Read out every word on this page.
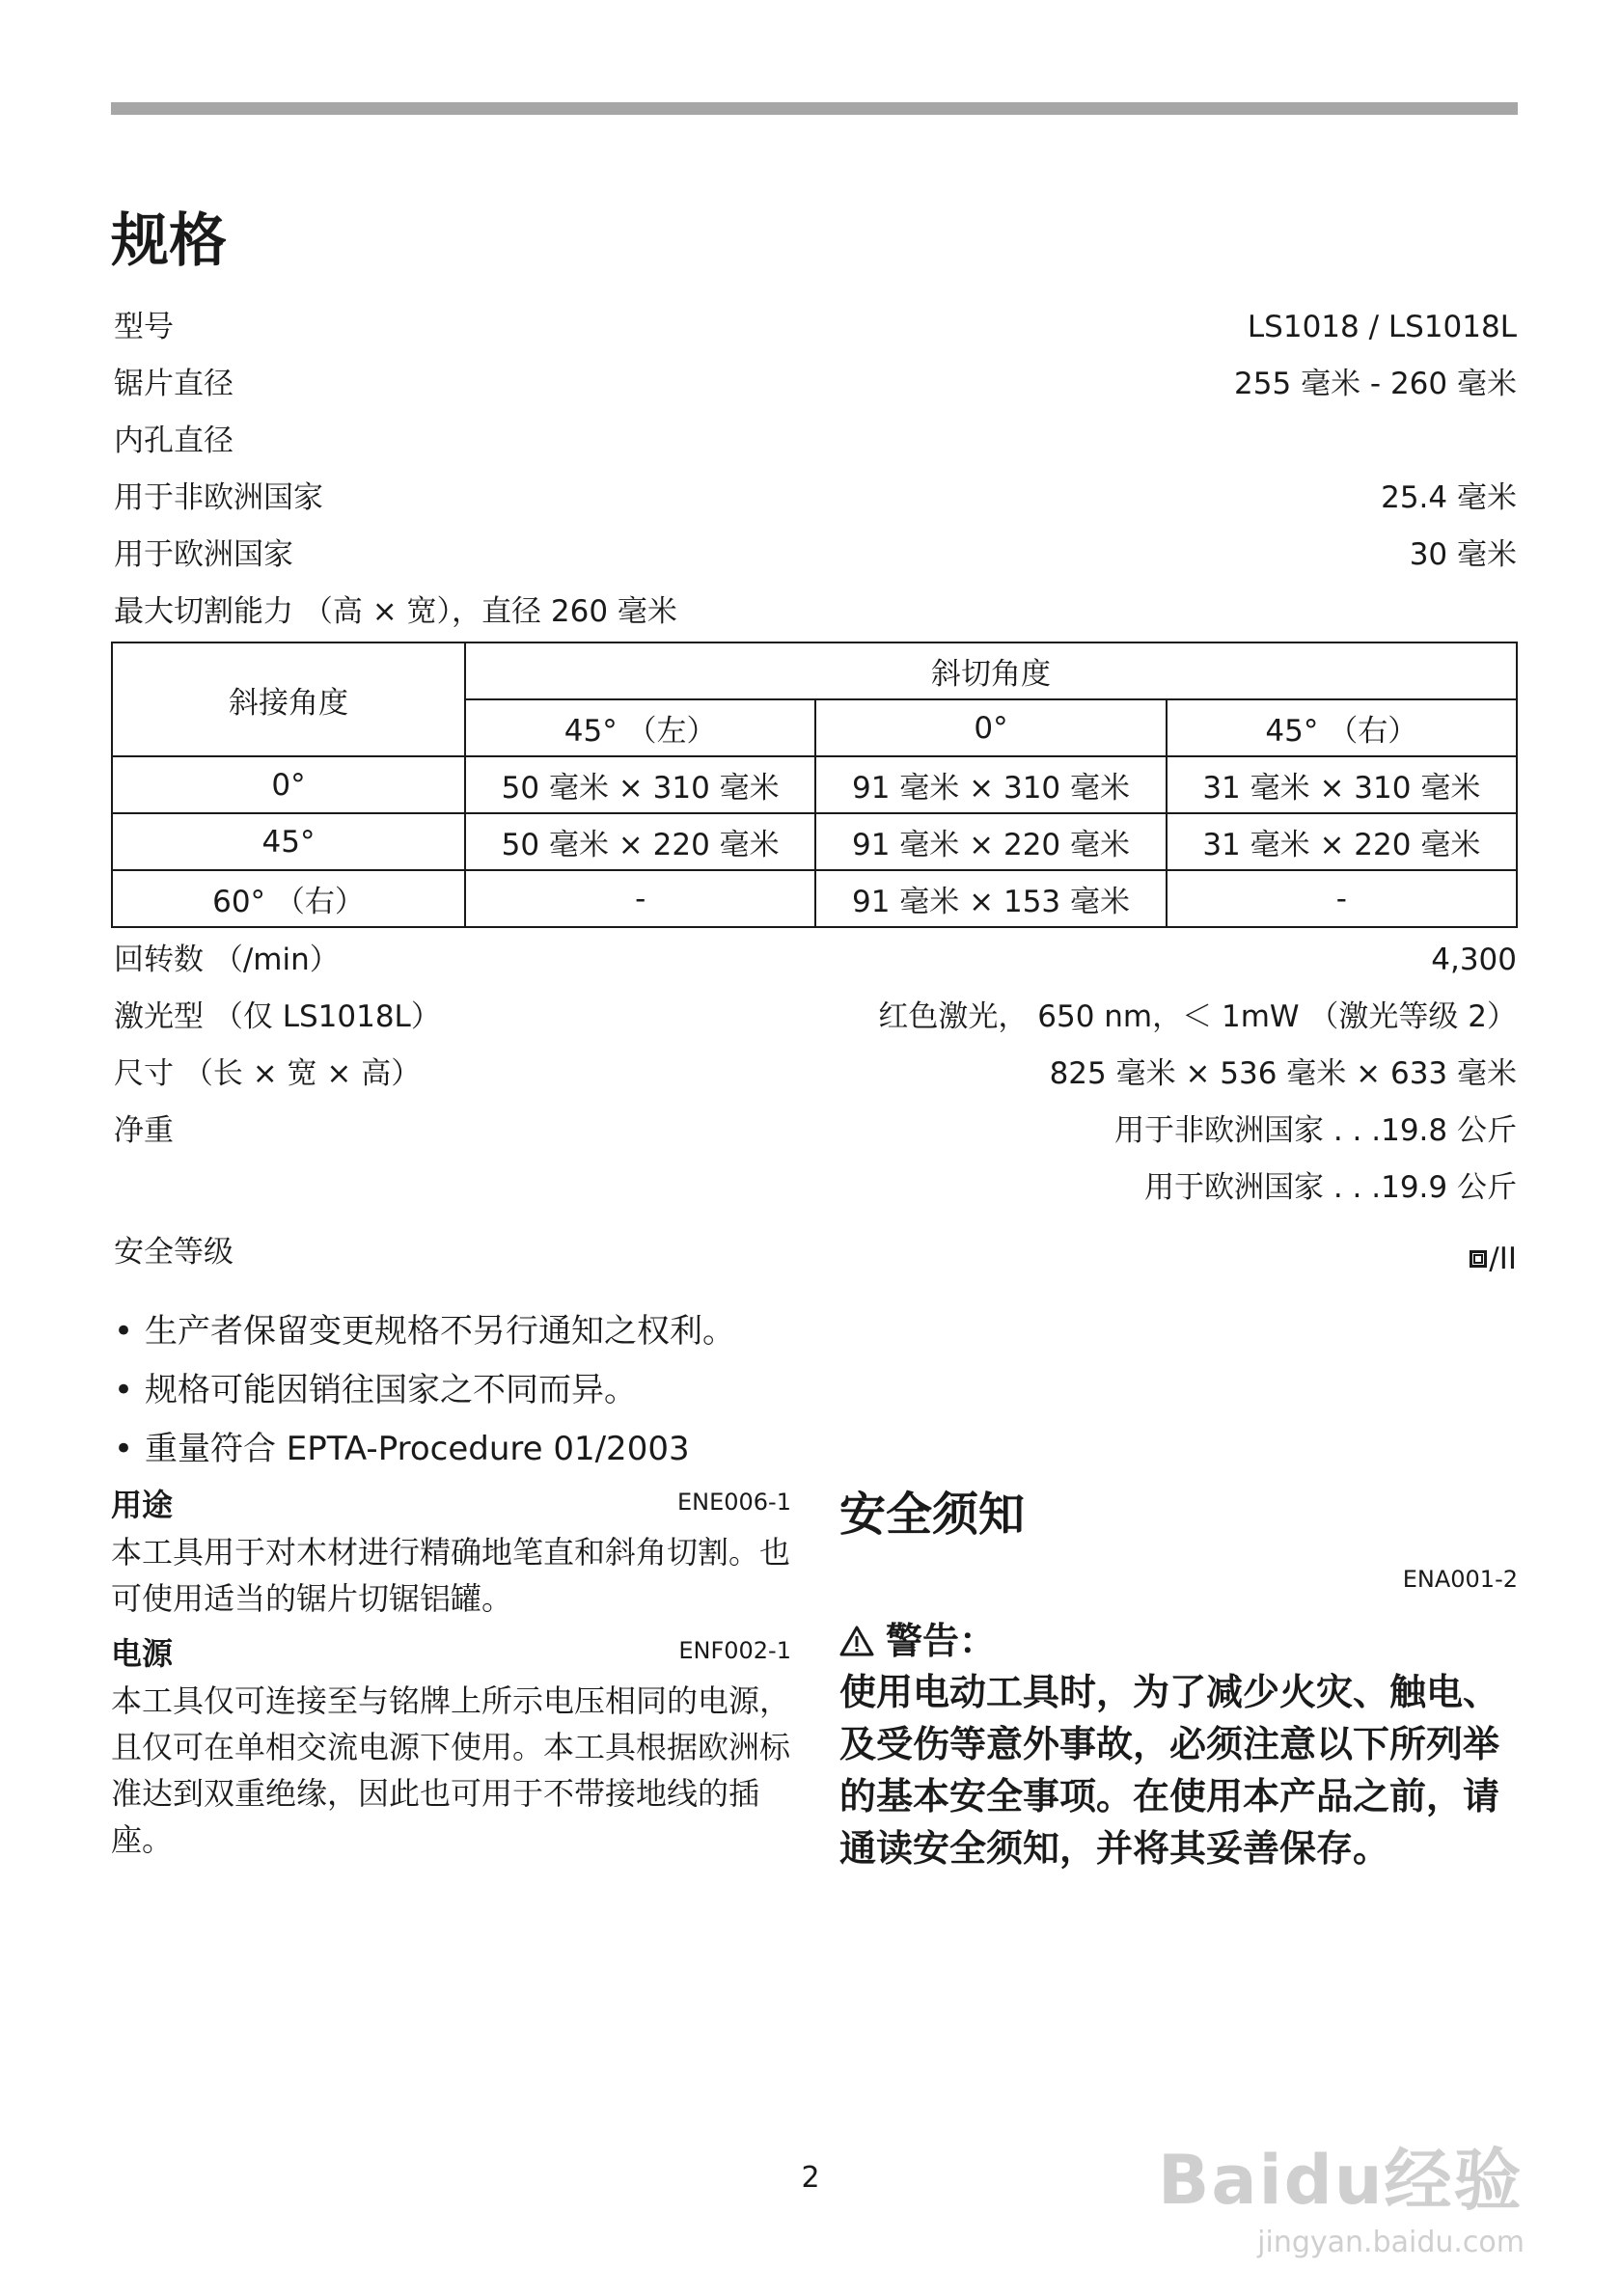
规格
型号	LS1018 / LS1018L
锯片直径	255 毫米 - 260 毫米
内孔直径
用于非欧洲国家	25.4 毫米
用于欧洲国家	30 毫米
最大切割能力 （高 × 宽），直径 260 毫米
斜接角度	斜切角度		
	45° （左）	0°	45° （右）
0°	50 毫米 × 310 毫米	91 毫米 × 310 毫米	31 毫米 × 310 毫米
45°	50 毫米 × 220 毫米	91 毫米 × 220 毫米	31 毫米 × 220 毫米
60° （右）	-	91 毫米 × 153 毫米	-
回转数 （/min）	4,300
激光型 （仅 LS1018L）	红色激光， 650 nm，＜ 1mW （激光等级 2）
尺寸 （长 × 宽 × 高）	825 毫米 × 536 毫米 × 633 毫米
净重	用于非欧洲国家 . . .19.8 公斤
用于欧洲国家 . . .19.9 公斤
安全等级	/II
• 生产者保留变更规格不另行通知之权利。
• 规格可能因销往国家之不同而异。
• 重量符合 EPTA-Procedure 01/2003
用途	ENE006-1

本工具用于对木材进行精确地笔直和斜角切割。也可使用适当的锯片切锯铝罐。

电源	ENF002-1

本工具仅可连接至与铭牌上所示电压相同的电源，且仅可在单相交流电源下使用。本工具根据欧洲标准达到双重绝缘，因此也可用于不带接地线的插座。

安全须知
ENA001-2
警告：

使用电动工具时，为了减少火灾、触电、及受伤等意外事故，必须注意以下所列举的基本安全事项。在使用本产品之前，请通读安全须知，并将其妥善保存。

2	Baidu经验
jingyan.baidu.com
